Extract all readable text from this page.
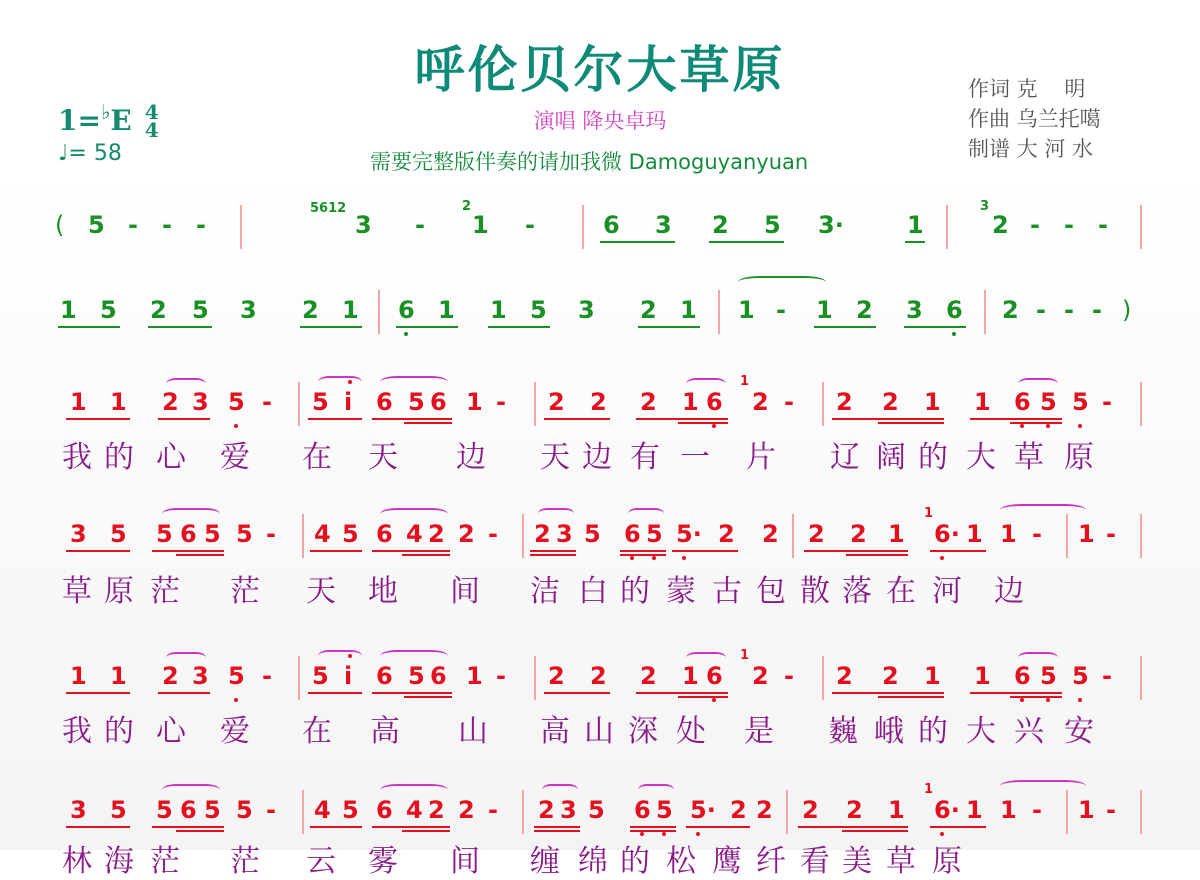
呼伦贝尔大草原
演唱 降央卓玛
需要完整版伴奏的请加我微 Damoguyanyuan
1=♭E 4
4
♩= 58
作词 克    明
作曲 乌兰托噶
制谱 大 河 水
( 5 - - -
5612
3 -
2
1 -	6 3 2 5 3·	1
3
2 - - -
1 5 2 5 3 2 1 6 1 1 5 3 2 1 1 - 1 2 3 6 2 - - - )
1 1 2 3 5 - 5 i 6 5 6 1 - 2 2 2 1 6
1
2 - 2 2 1 1 6 5 5 -
我 的 心 爱 在 天 边 天 边 有 一 片 辽 阔 的 大 草 原
3 5 5 6 5 5 - 4 5 6 4 2 2 - 2 3 5 6 5 5· 2 2 2 2 1
1
6· 1 1 - 1 -
草 原 茫 茫 天 地 间 洁 白 的 蒙 古 包 散 落 在 河 边
1 1 2 3 5 - 5 i 6 5 6 1 - 2 2 2 1 6
1
2 - 2 2 1 1 6 5 5 -
我 的 心 爱 在 高 山 高 山 深 处 是 巍 峨 的 大 兴 安
3 5 5 6 5 5 - 4 5 6 4 2 2 - 2 3 5 6 5 5· 2 2 2 2 1
1
6· 1 1 - 1 -
林 海 茫 茫 云 雾 间 缠 绵 的 松 鹰 纤 看 美 草 原
